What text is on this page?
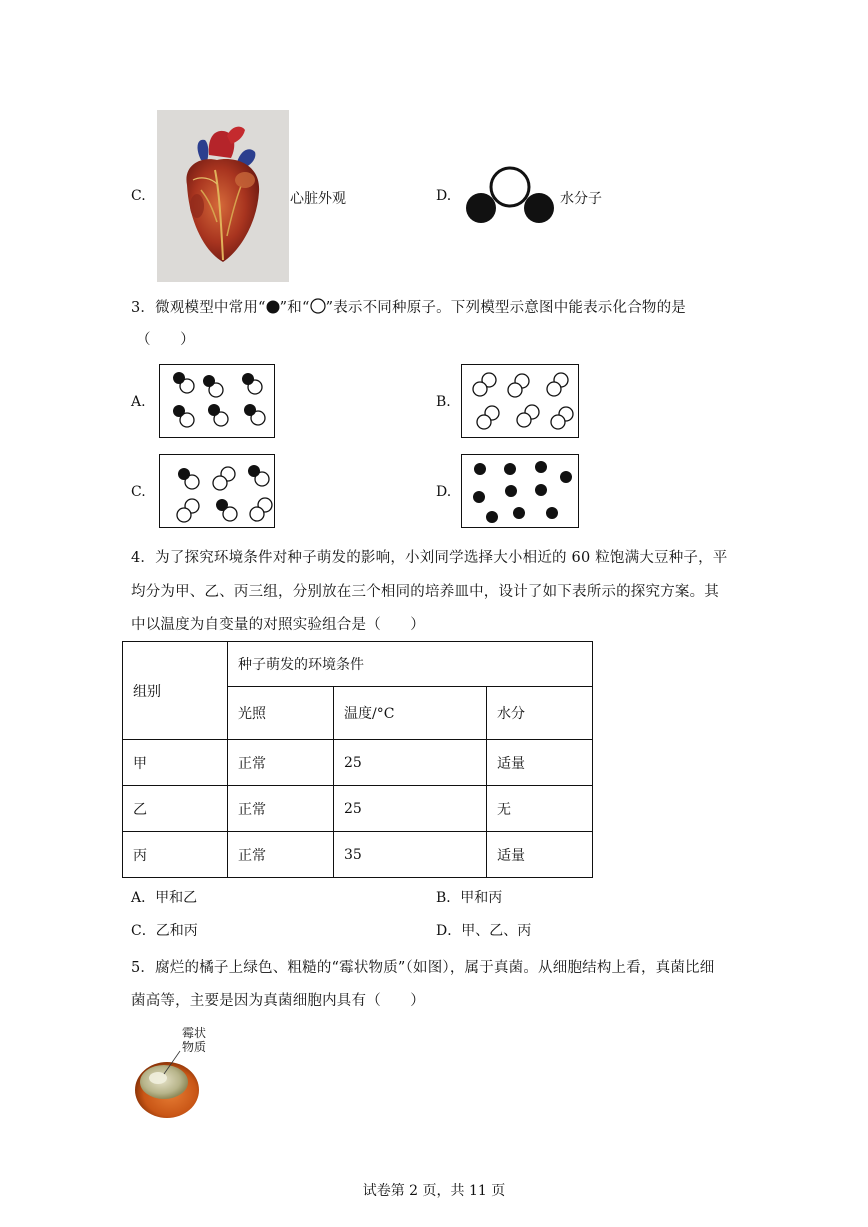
C.	心脏外观	D.	水分子
3．微观模型中常用“ ”和“ ”表示不同种原子。下列模型示意图中能表示化合物的是
（　　）
A.	B.
C.	D.
4．为了探究环境条件对种子萌发的影响，小刘同学选择大小相近的 60 粒饱满大豆种子，平
均分为甲、乙、丙三组，分别放在三个相同的培养皿中，设计了如下表所示的探究方案。其
中以温度为自变量的对照实验组合是（　　）
组别	种子萌发的环境条件		
	光照	温度/°C	水分
甲	正常	25	适量
乙	正常	25	无
丙	正常	35	适量
A．甲和乙	B．甲和丙
C．乙和丙	D．甲、乙、丙
5．腐烂的橘子上绿色、粗糙的“霉状物质”（如图），属于真菌。从细胞结构上看，真菌比细
菌高等，主要是因为真菌细胞内具有（　　）
霉状
物质
试卷第 2 页，共 11 页
